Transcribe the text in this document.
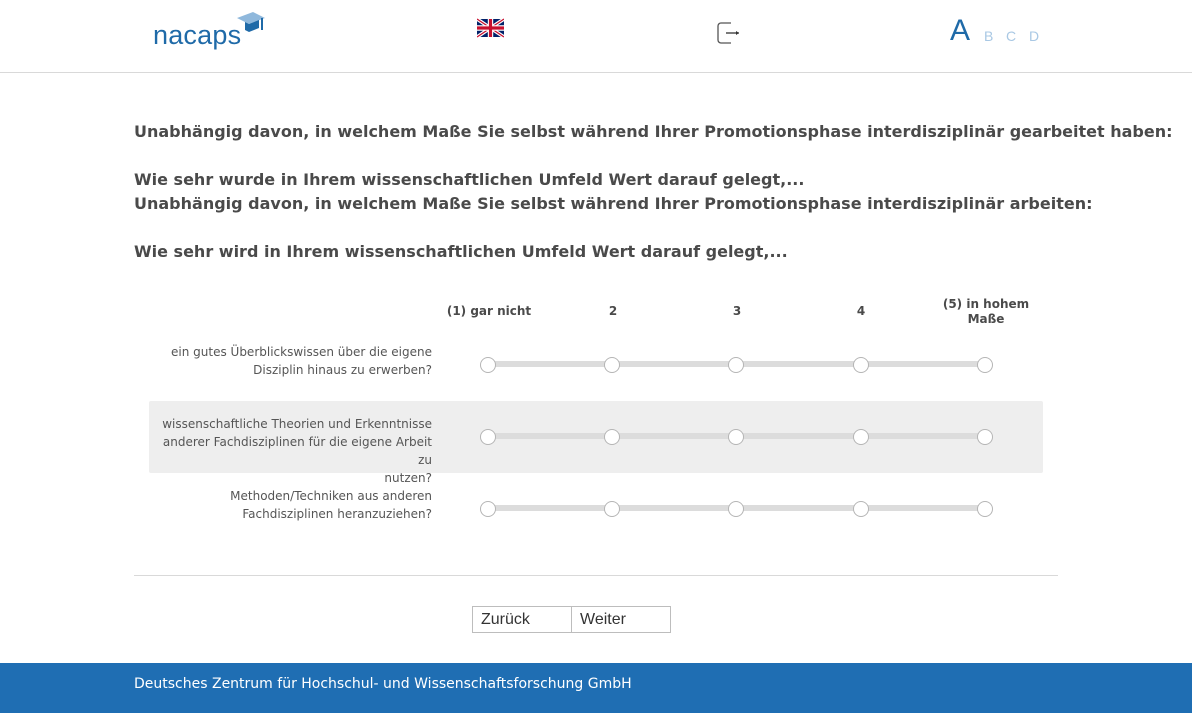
nacaps	A B C D
Unabhängig davon, in welchem Maße Sie selbst während Ihrer Promotionsphase interdisziplinär gearbeitet haben:
Wie sehr wurde in Ihrem wissenschaftlichen Umfeld Wert darauf gelegt,...
Unabhängig davon, in welchem Maße Sie selbst während Ihrer Promotionsphase interdisziplinär arbeiten:
Wie sehr wird in Ihrem wissenschaftlichen Umfeld Wert darauf gelegt,...
(1) gar nicht	2	3	4	(5) in hohem
Maße
ein gutes Überblickswissen über die eigene
Disziplin hinaus zu erwerben?
wissenschaftliche Theorien und Erkenntnisse
anderer Fachdisziplinen für die eigene Arbeit zu
nutzen?
Methoden/Techniken aus anderen
Fachdisziplinen heranzuziehen?
Zurück	Weiter
Deutsches Zentrum für Hochschul- und Wissenschaftsforschung GmbH
